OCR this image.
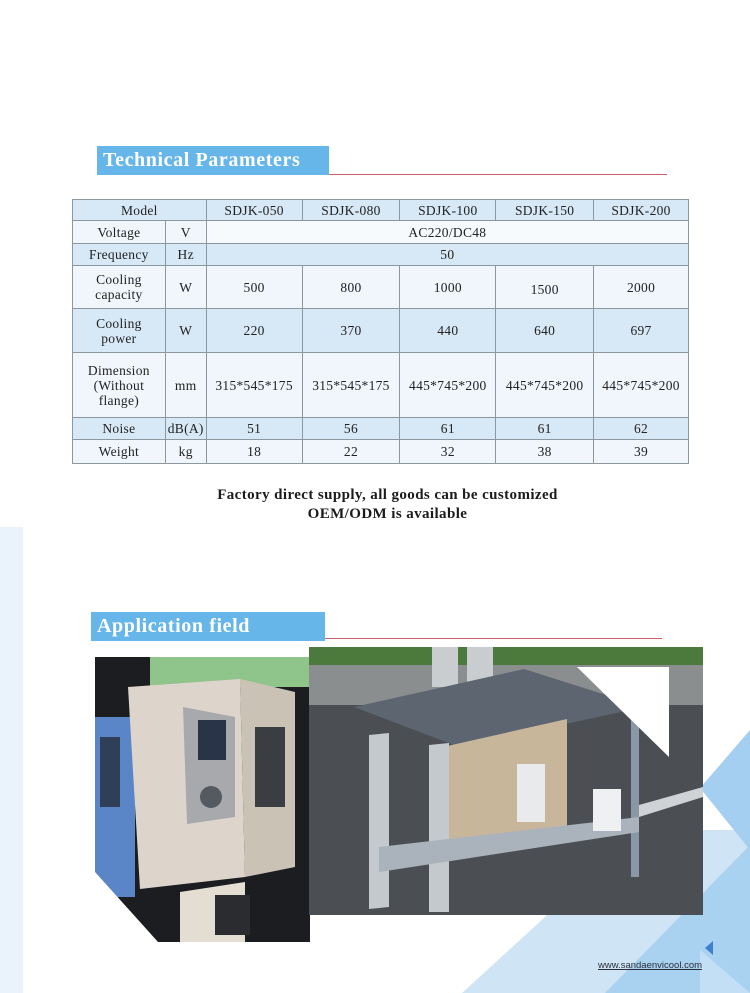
Technical Parameters
Model		SDJK-050	SDJK-080	SDJK-100	SDJK-150	SDJK-200
Voltage	V	AC220/DC48				
Frequency	Hz	50				
Cooling
capacity	W	500	800	1000	1500	2000
Cooling
power	W	220	370	440	640	697
Dimension
(Without
flange)	mm	315*545*175	315*545*175	445*745*200	445*745*200	445*745*200
Noise	dB(A)	51	56	61	61	62
Weight	kg	18	22	32	38	39
Factory direct supply, all goods can be customized
OEM/ODM is available
Application field
www.sandaenvicool.com
